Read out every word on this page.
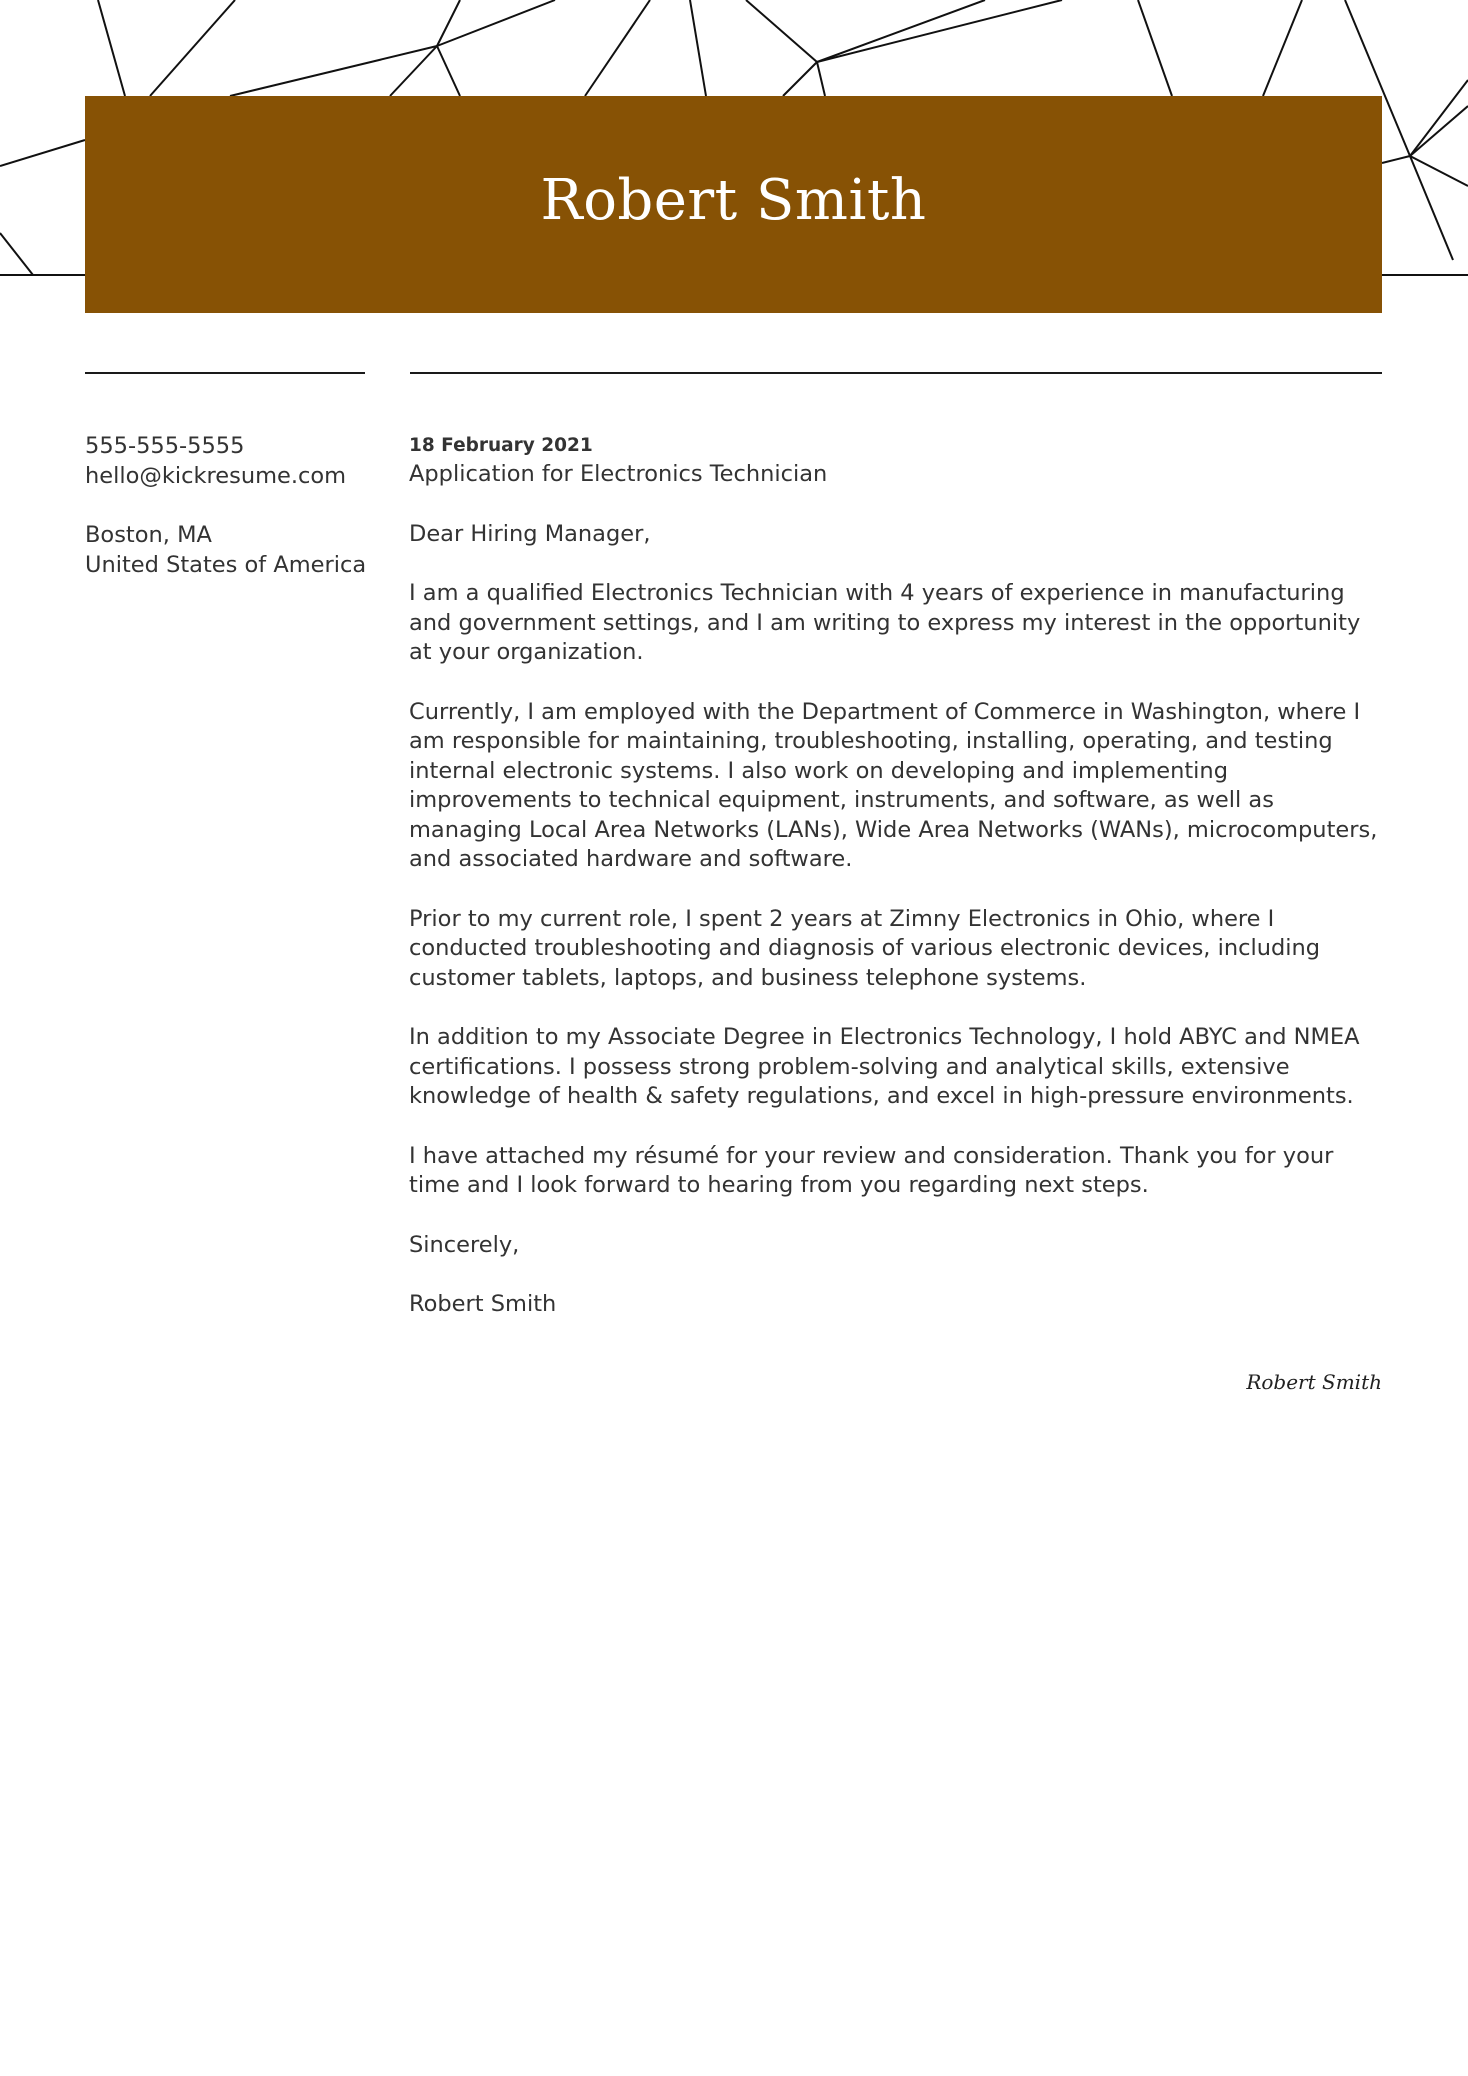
Robert Smith
555-555-5555
hello@kickresume.com
Boston, MA
United States of America
18 February 2021
Application for Electronics Technician

Dear Hiring Manager,

I am a qualified Electronics Technician with 4 years of experience in manufacturing and government settings, and I am writing to express my interest in the opportunity at your organization.

Currently, I am employed with the Department of Commerce in Washington, where I am responsible for maintaining, troubleshooting, installing, operating, and testing internal electronic systems. I also work on developing and implementing improvements to technical equipment, instruments, and software, as well as managing Local Area Networks (LANs), Wide Area Networks (WANs), microcomputers, and associated hardware and software.

Prior to my current role, I spent 2 years at Zimny Electronics in Ohio, where I conducted troubleshooting and diagnosis of various electronic devices, including customer tablets, laptops, and business telephone systems.

In addition to my Associate Degree in Electronics Technology, I hold ABYC and NMEA certifications. I possess strong problem-solving and analytical skills, extensive knowledge of health & safety regulations, and excel in high-pressure environments.

I have attached my résumé for your review and consideration. Thank you for your time and I look forward to hearing from you regarding next steps.

Sincerely,

Robert Smith

Robert Smith
